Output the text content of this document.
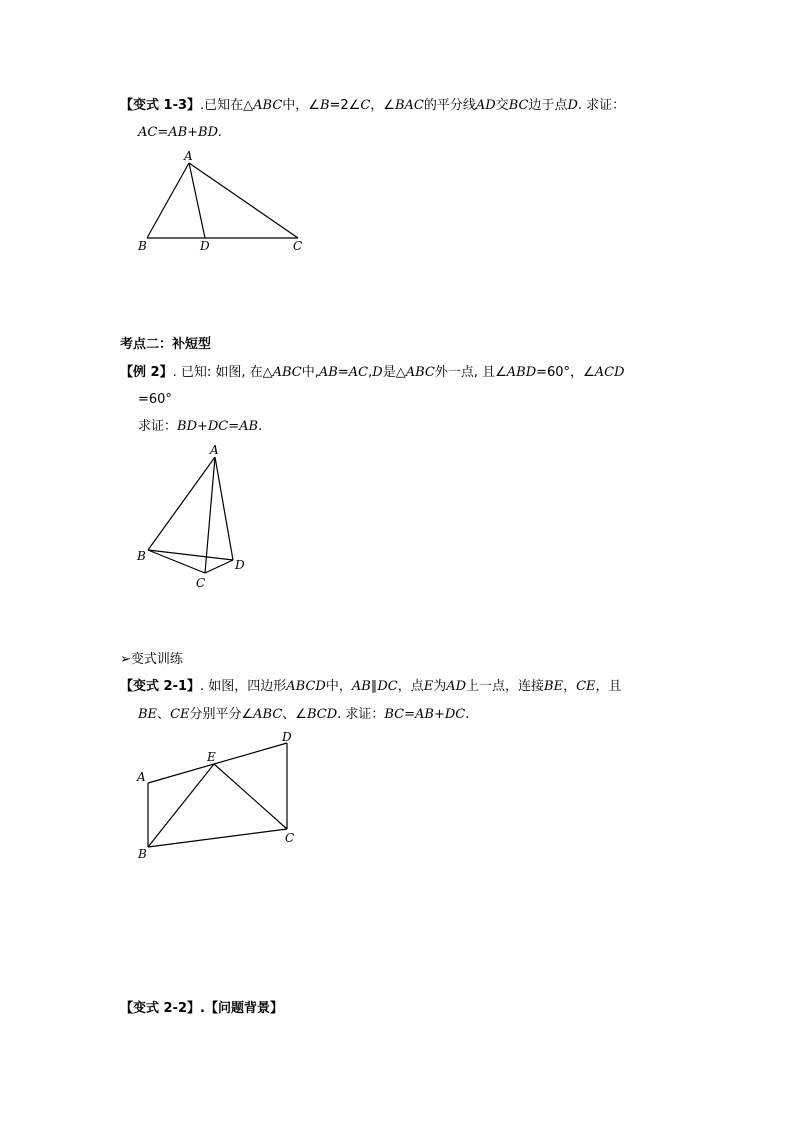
【变式 1-3】.已知在△ABC中，∠B=2∠C，∠BAC的平分线AD交BC边于点D. 求证：
AC=AB+BD.
A
B	D	C
考点二：补短型
【例 2】. 已知: 如图, 在△ABC中,AB=AC,D是△ABC外一点, 且∠ABD=60°，∠ACD
=60°
求证：BD+DC=AB.
A
B
C
D
➢变式训练
【变式 2-1】. 如图，四边形ABCD中，AB∥DC，点E为AD上一点，连接BE，CE，且
BE、CE分别平分∠ABC、∠BCD. 求证：BC=AB+DC.
A
B
C
D
E
【变式 2-2】.【问题背景】
